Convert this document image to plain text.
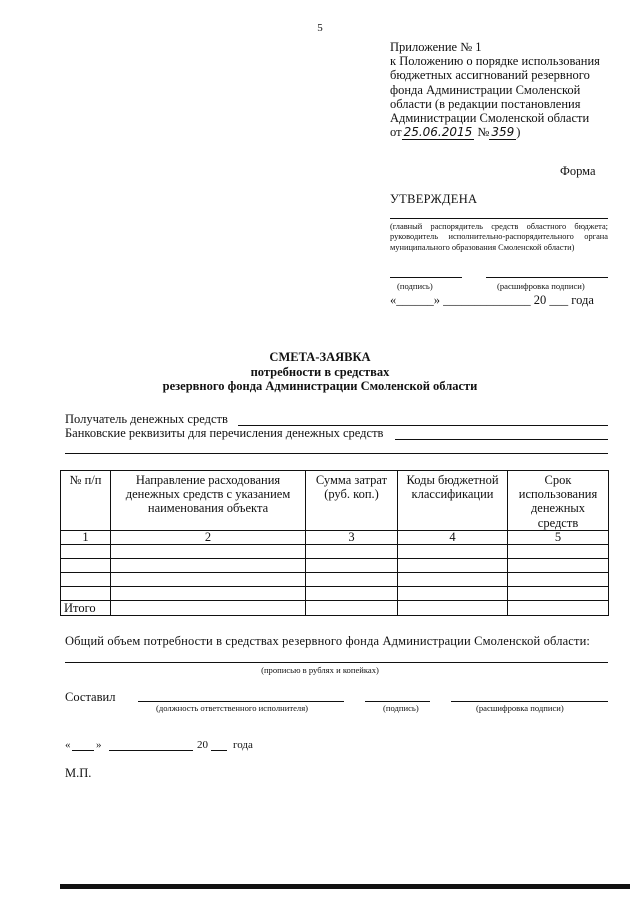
5
Приложение № 1
к Положению о порядке использования
бюджетных ассигнований резервного
фонда Администрации Смоленской
области (в редакции постановления
Администрации Смоленской области
от 25.06.2015 № 359 )
Форма
УТВЕРЖДЕНА
(главный распорядитель средств областного бюджета; руководитель исполнительно-распорядительного органа муниципального образования Смоленской области)
(подпись)	(расшифровка подписи)
«______» ______________ 20 ___ года
СМЕТА-ЗАЯВКА
потребности в средствах
резервного фонда Администрации Смоленской области
Получатель денежных средств
Банковские реквизиты для перечисления денежных средств
№ п/п	Направление расходования денежных средств с указанием наименования объекта	Сумма затрат (руб. коп.)	Коды бюджетной классификации	Срок использования денежных средств
1	2	3	4	5

Итого				
Общий объем потребности в средствах резервного фонда Администрации Смоленской области:
(прописью в рублях и копейках)
Составил
(должность ответственного исполнителя)	(подпись)	(расшифровка подписи)
« »	20 года
М.П.
